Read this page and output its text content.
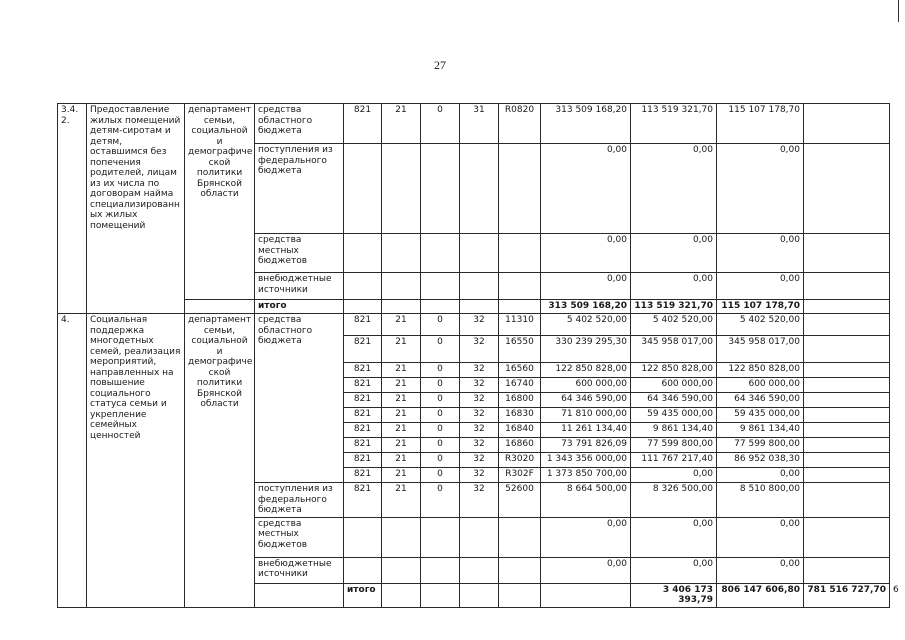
27
3.4. 2.	Предоставление жилых помещений детям-сиротам и детям, оставшимся без попечения родителей, лицам из их числа по договорам найма специализированн ых жилых помещений	департамент семьи, социальной и демографиче ской политики Брянской области	средства областного бюджета	821	21	0	31	R0820	313 509 168,20	113 519 321,70	115 107 178,70		
			поступления из федерального бюджета						0,00	0,00	0,00		
			средства местных бюджетов						0,00	0,00	0,00		
			внебюджетные источники						0,00	0,00	0,00		
			итого						313 509 168,20	113 519 321,70	115 107 178,70		
4.	Социальная поддержка многодетных семей, реализация мероприятий, направленных на повышение социального статуса семьи и укрепление семейных ценностей	департамент семьи, социальной и демографиче ской политики Брянской области	средства областного бюджета	821	21	0	32	11310	5 402 520,00	5 402 520,00	5 402 520,00		
				821	21	0	32	16550	330 239 295,30	345 958 017,00	345 958 017,00		
				821	21	0	32	16560	122 850 828,00	122 850 828,00	122 850 828,00		
				821	21	0	32	16740	600 000,00	600 000,00	600 000,00		
				821	21	0	32	16800	64 346 590,00	64 346 590,00	64 346 590,00		
				821	21	0	32	16830	71 810 000,00	59 435 000,00	59 435 000,00		
				821	21	0	32	16840	11 261 134,40	9 861 134,40	9 861 134,40		
				821	21	0	32	16860	73 791 826,09	77 599 800,00	77 599 800,00		
				821	21	0	32	R3020	1 343 356 000,00	111 767 217,40	86 952 038,30		
				821	21	0	32	R302F	1 373 850 700,00	0,00	0,00		
			поступления из федерального бюджета	821	21	0	32	52600	8 664 500,00	8 326 500,00	8 510 800,00		
			средства местных бюджетов						0,00	0,00	0,00		
			внебюджетные источники						0,00	0,00	0,00		
				итого						3 406 173 393,79	806 147 606,80	781 516 727,70	6
